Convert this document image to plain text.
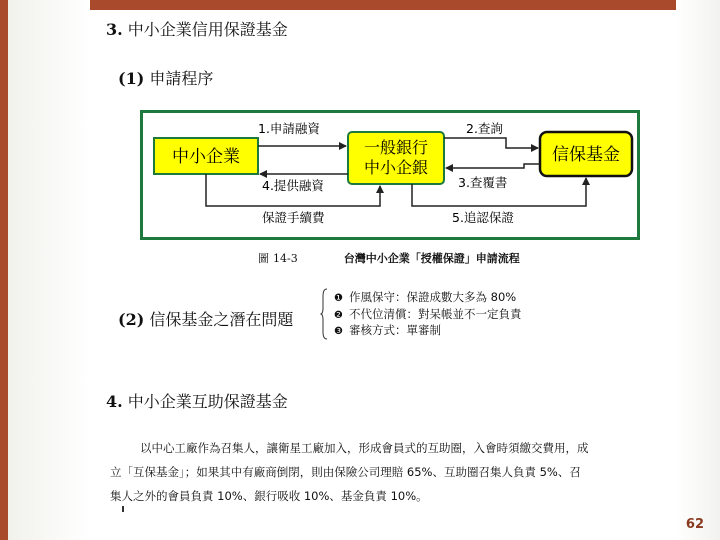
3. 中小企業信用保證基金
(1) 申請程序
中小企業	一般銀行
中小企銀
信保基金
1.申請融資
4.提供融資
2.查詢
3.查覆書
保證手續費	5.追認保證
圖 14-3	台灣中小企業「授權保證」申請流程
(2) 信保基金之潛在問題
❶ 作風保守：保證成數大多為 80%
❷ 不代位清償：對呆帳並不一定負責
❸ 審核方式：單審制
4. 中小企業互助保證基金
以中心工廠作為召集人，讓衛星工廠加入，形成會員式的互助圈，入會時須繳交費用，成
立「互保基金」；如果其中有廠商倒閉，則由保險公司理賠 65%、互助圈召集人負責 5%、召
集人之外的會員負責 10%、銀行吸收 10%、基金負責 10%。
62
